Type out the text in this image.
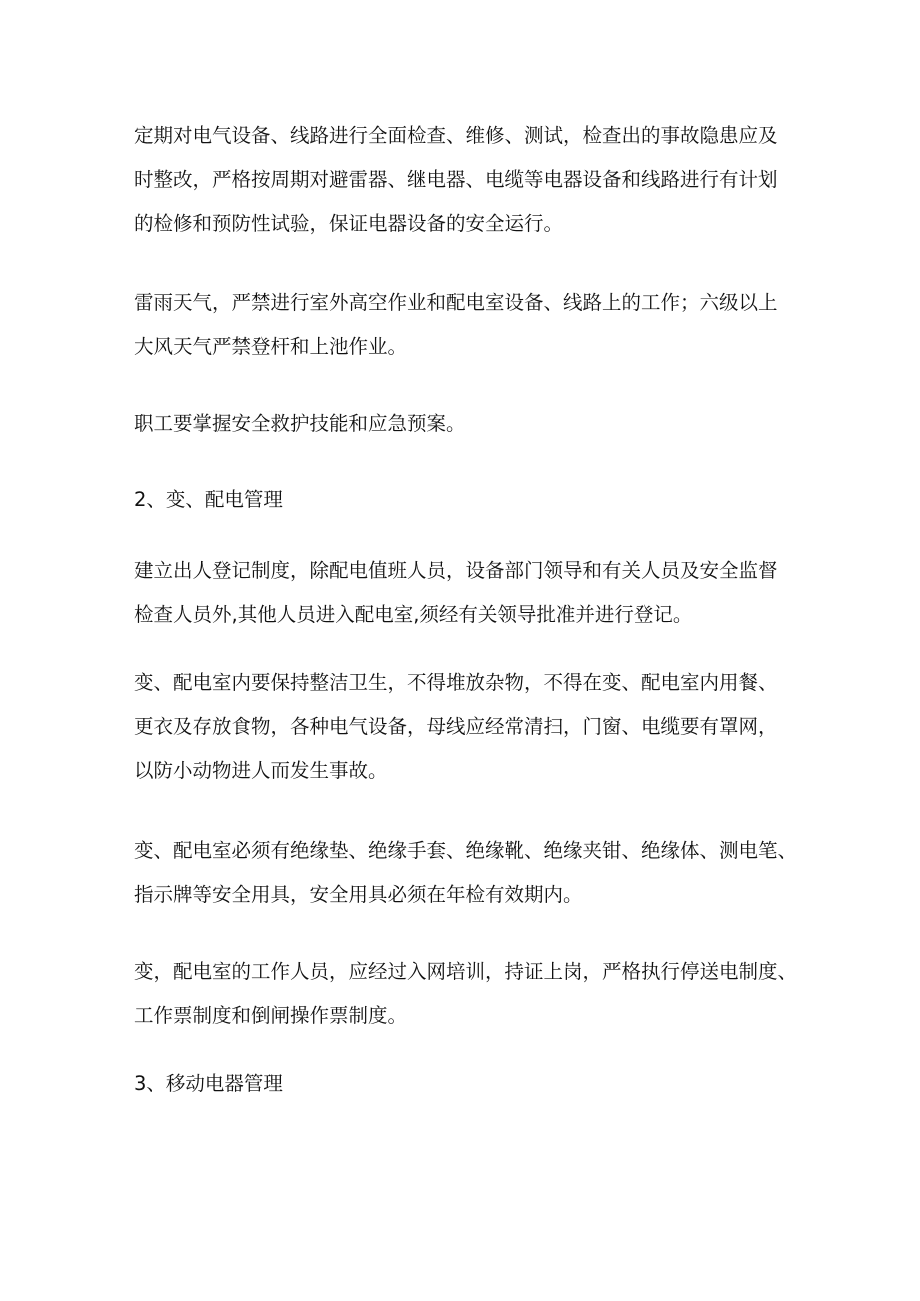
定期对电气设备、线路进行全面检查、维修、测试，检查出的事故隐患应及
时整改，严格按周期对避雷器、继电器、电缆等电器设备和线路进行有计划
的检修和预防性试验，保证电器设备的安全运行。
雷雨天气，严禁进行室外高空作业和配电室设备、线路上的工作；六级以上
大风天气严禁登杆和上池作业。
职工要掌握安全救护技能和应急预案。
2、变、配电管理
建立出人登记制度，除配电值班人员，设备部门领导和有关人员及安全监督
检查人员外,其他人员进入配电室,须经有关领导批准并进行登记。
变、配电室内要保持整洁卫生，不得堆放杂物，不得在变、配电室内用餐、
更衣及存放食物，各种电气设备，母线应经常清扫，门窗、电缆要有罩网，
以防小动物进人而发生事故。
变、配电室必须有绝缘垫、绝缘手套、绝缘靴、绝缘夹钳、绝缘体、测电笔、
指示牌等安全用具，安全用具必须在年检有效期内。
变，配电室的工作人员，应经过入网培训，持证上岗，严格执行停送电制度、
工作票制度和倒闸操作票制度。
3、移动电器管理
